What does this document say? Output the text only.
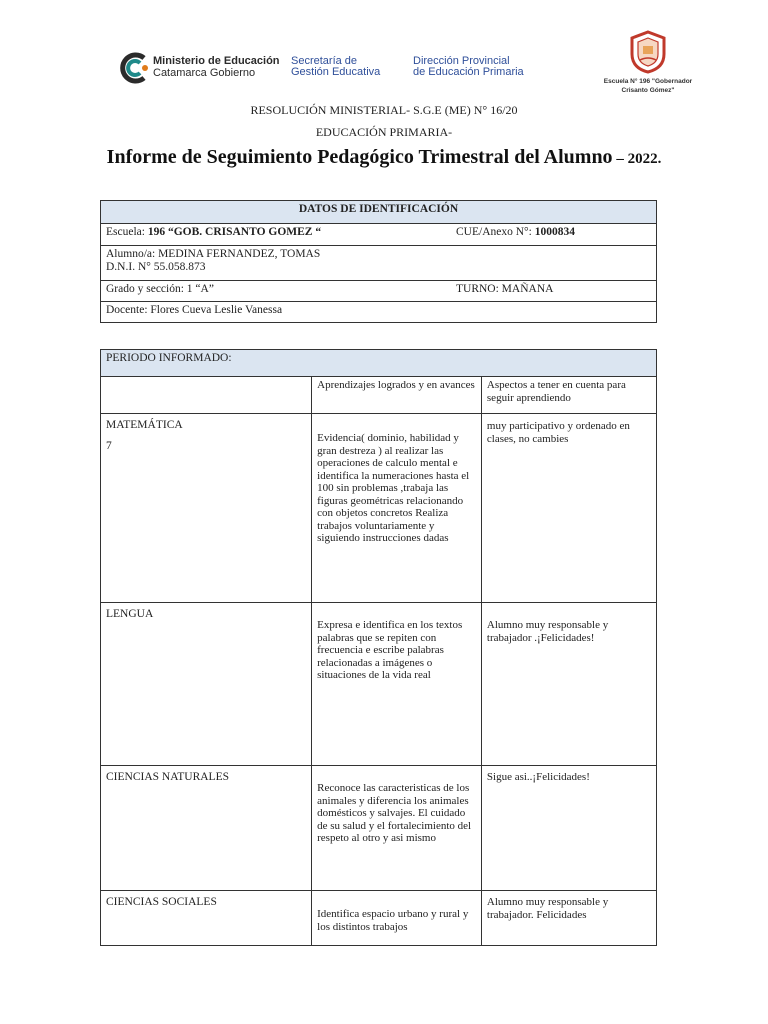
Ministerio de Educación
Catamarca Gobierno
Secretaría de
Gestión Educativa
Dirección Provincial
de Educación Primaria
Escuela N° 196 "Gobernador
Crisanto Gómez"
RESOLUCIÓN MINISTERIAL- S.G.E (ME) N° 16/20
EDUCACIÓN PRIMARIA-
Informe de Seguimiento Pedagógico Trimestral del Alumno – 2022.
DATOS DE IDENTIFICACIÓN
Escuela: 196 “GOB. CRISANTO GOMEZ “	CUE/Anexo N°: 1000834

Alumno/a: MEDINA FERNANDEZ, TOMAS
D.N.I. N° 55.058.873

Grado y sección: 1 “A”	TURNO: MAÑANA

Docente: Flores Cueva Leslie Vanessa
PERIODO INFORMADO:		
	Aprendizajes logrados y en avances	Aspectos a tener en cuenta para seguir aprendiendo

MATEMÁTICA
7	Evidencia( dominio, habilidad y gran destreza ) al realizar las operaciones de calculo mental e identifica la numeraciones hasta el 100 sin problemas ,trabaja las figuras geométricas relacionando con objetos concretos Realiza trabajos voluntariamente y siguiendo instrucciones dadas	muy participativo y ordenado en clases, no cambies

LENGUA	Expresa e identifica en los textos palabras que se repiten con frecuencia e escribe palabras relacionadas a imágenes o situaciones de la vida real	Alumno muy responsable y trabajador .¡Felicidades!

CIENCIAS NATURALES	Reconoce las caracteristicas de los animales y diferencia los animales domésticos y salvajes. El cuidado de su salud y el fortalecimiento del respeto al otro y asi mismo	Sigue asi..¡Felicidades!

CIENCIAS SOCIALES	Identifica espacio urbano y rural y los distintos trabajos	Alumno muy responsable y trabajador. Felicidades
